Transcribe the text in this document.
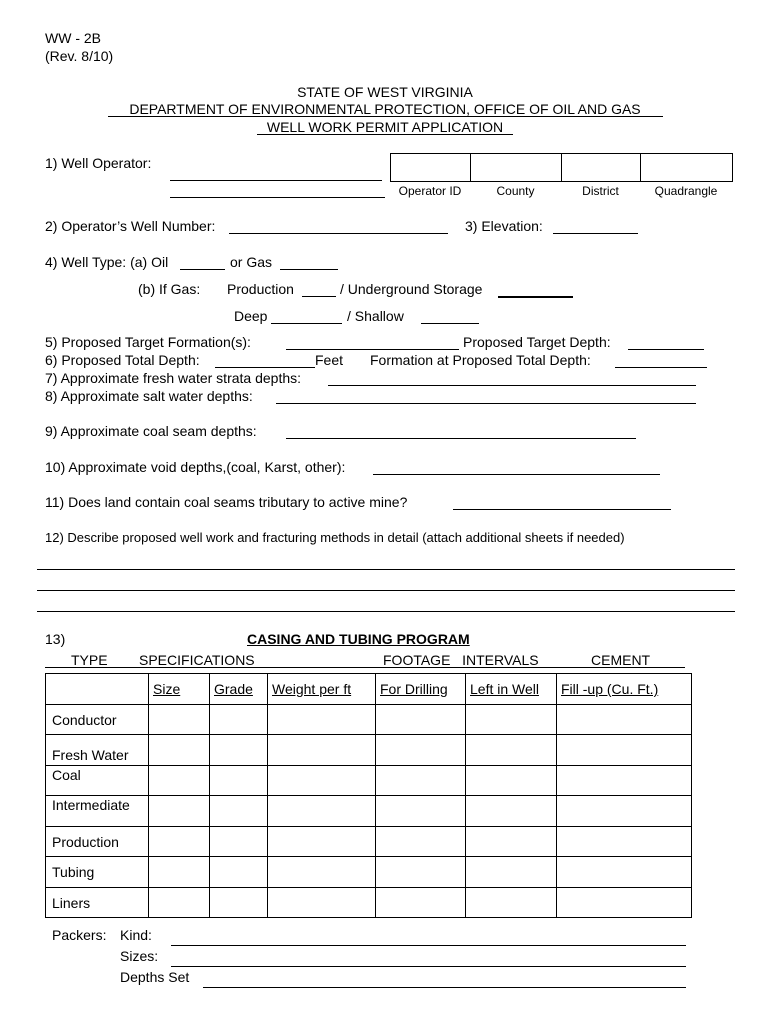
WW - 2B
(Rev. 8/10)
STATE OF WEST VIRGINIA
DEPARTMENT OF ENVIRONMENTAL PROTECTION, OFFICE OF OIL AND GAS
WELL WORK PERMIT APPLICATION
1) Well Operator:

Operator ID	County	District	Quadrangle
2) Operator’s Well Number:	3) Elevation:
4) Well Type: (a) Oil	or Gas
(b) If Gas: Production	/ Underground Storage
Deep	/ Shallow
5) Proposed Target Formation(s):	Proposed Target Depth:
6) Proposed Total Depth:	Feet Formation at Proposed Total Depth:
7) Approximate fresh water strata depths:
8) Approximate salt water depths:
9) Approximate coal seam depths:
10) Approximate void depths,(coal, Karst, other):
11) Does land contain coal seams tributary to active mine?
12) Describe proposed well work and fracturing methods in detail (attach additional sheets if needed)
13)	CASING AND TUBING PROGRAM
TYPE SPECIFICATIONS	FOOTAGE   INTERVALS	CEMENT
	Size	Grade	Weight per ft	For Drilling	Left in Well	Fill -up (Cu. Ft.)
Conductor						
Fresh Water						
Coal						
Intermediate						
Production						
Tubing						
Liners						
Packers: Kind:
Sizes:
Depths Set
